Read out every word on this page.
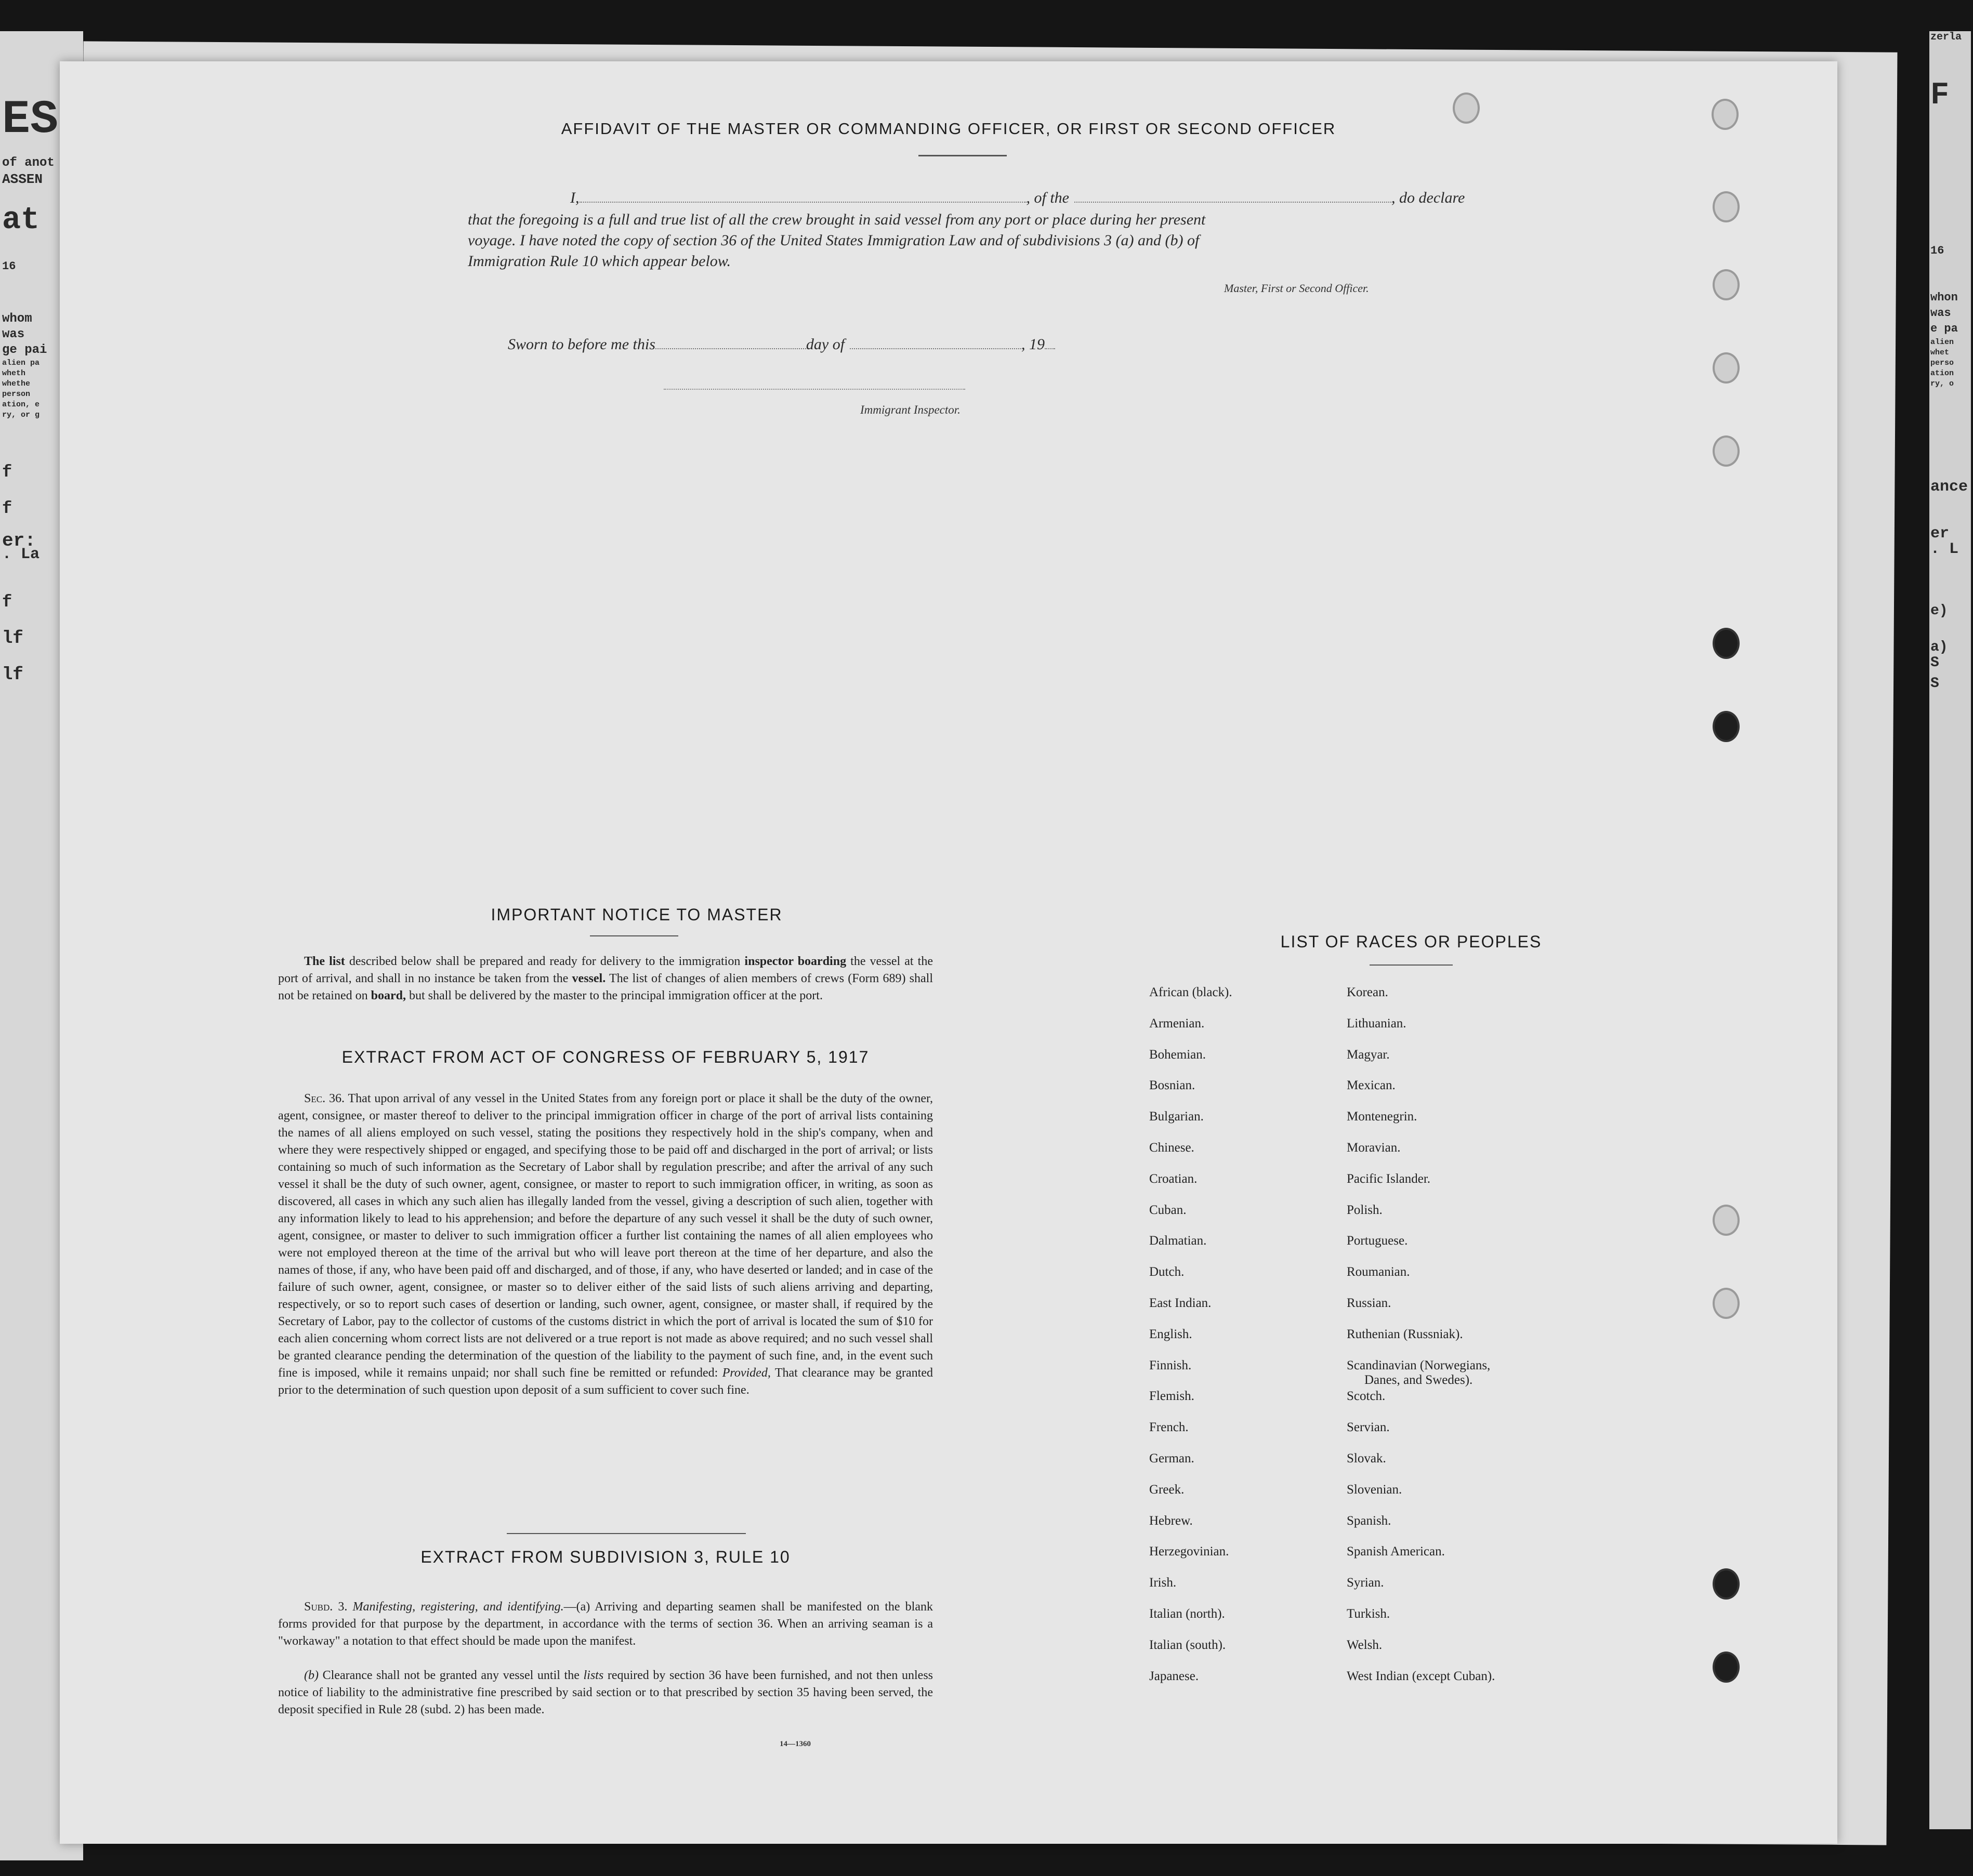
ES
of anot
ASSEN
at
16
whom
was
ge pai
alien pa
wheth
whethe
person
ation, e
ry, or g
f
f
er:
. La
f
lf
lf
F
16
whon
was
e pa
alien
whet
perso
ation
ry, o
ance
er
. L
e)
a)
S
S
zerla
AFFIDAVIT OF THE MASTER OR COMMANDING OFFICER, OR FIRST OR SECOND OFFICER
I,	, of the	, do declare
that the foregoing is a full and true list of all the crew brought in said vessel from any port or place during her present
voyage. I have noted the copy of section 36 of the United States Immigration Law and of subdivisions 3 (a) and (b) of
Immigration Rule 10 which appear below.
Master, First or Second Officer.
Sworn to before me this	day of	, 19
Immigrant Inspector.
IMPORTANT NOTICE TO MASTER
The list described below shall be prepared and ready for delivery to the immigration inspector boarding the vessel at the port of arrival, and shall in no instance be taken from the vessel. The list of changes of alien members of crews (Form 689) shall not be retained on board, but shall be delivered by the master to the principal immigration officer at the port.
EXTRACT FROM ACT OF CONGRESS OF FEBRUARY 5, 1917
Sec. 36. That upon arrival of any vessel in the United States from any foreign port or place it shall be the duty of the owner, agent, consignee, or master thereof to deliver to the principal immigration officer in charge of the port of arrival lists containing the names of all aliens employed on such vessel, stating the positions they respectively hold in the ship's company, when and where they were respectively shipped or engaged, and specifying those to be paid off and discharged in the port of arrival; or lists containing so much of such information as the Secretary of Labor shall by regulation prescribe; and after the arrival of any such vessel it shall be the duty of such owner, agent, consignee, or master to report to such immigration officer, in writing, as soon as discovered, all cases in which any such alien has illegally landed from the vessel, giving a description of such alien, together with any information likely to lead to his apprehension; and before the departure of any such vessel it shall be the duty of such owner, agent, consignee, or master to deliver to such immigration officer a further list containing the names of all alien employees who were not employed thereon at the time of the arrival but who will leave port thereon at the time of her departure, and also the names of those, if any, who have been paid off and discharged, and of those, if any, who have deserted or landed; and in case of the failure of such owner, agent, consignee, or master so to deliver either of the said lists of such aliens arriving and departing, respectively, or so to report such cases of desertion or landing, such owner, agent, consignee, or master shall, if required by the Secretary of Labor, pay to the collector of customs of the customs district in which the port of arrival is located the sum of $10 for each alien concerning whom correct lists are not delivered or a true report is not made as above required; and no such vessel shall be granted clearance pending the determination of the question of the liability to the payment of such fine, and, in the event such fine is imposed, while it remains unpaid; nor shall such fine be remitted or refunded: Provided, That clearance may be granted prior to the determination of such question upon deposit of a sum sufficient to cover such fine.
EXTRACT FROM SUBDIVISION 3, RULE 10
Subd. 3. Manifesting, registering, and identifying.—(a) Arriving and departing seamen shall be manifested on the blank forms provided for that purpose by the department, in accordance with the terms of section 36. When an arriving seaman is a "workaway" a notation to that effect should be made upon the manifest.
(b) Clearance shall not be granted any vessel until the lists required by section 36 have been furnished, and not then unless notice of liability to the administrative fine prescribed by said section or to that prescribed by section 35 having been served, the deposit specified in Rule 28 (subd. 2) has been made.
14—1360
LIST OF RACES OR PEOPLES
African (black).
Armenian.
Bohemian.
Bosnian.
Bulgarian.
Chinese.
Croatian.
Cuban.
Dalmatian.
Dutch.
East Indian.
English.
Finnish.
Flemish.
French.
German.
Greek.
Hebrew.
Herzegovinian.
Irish.
Italian (north).
Italian (south).
Japanese.
Korean.
Lithuanian.
Magyar.
Mexican.
Montenegrin.
Moravian.
Pacific Islander.
Polish.
Portuguese.
Roumanian.
Russian.
Ruthenian (Russniak).
Scandinavian (Norwegians,
Danes, and Swedes).
Scotch.
Servian.
Slovak.
Slovenian.
Spanish.
Spanish American.
Syrian.
Turkish.
Welsh.
West Indian (except Cuban).
